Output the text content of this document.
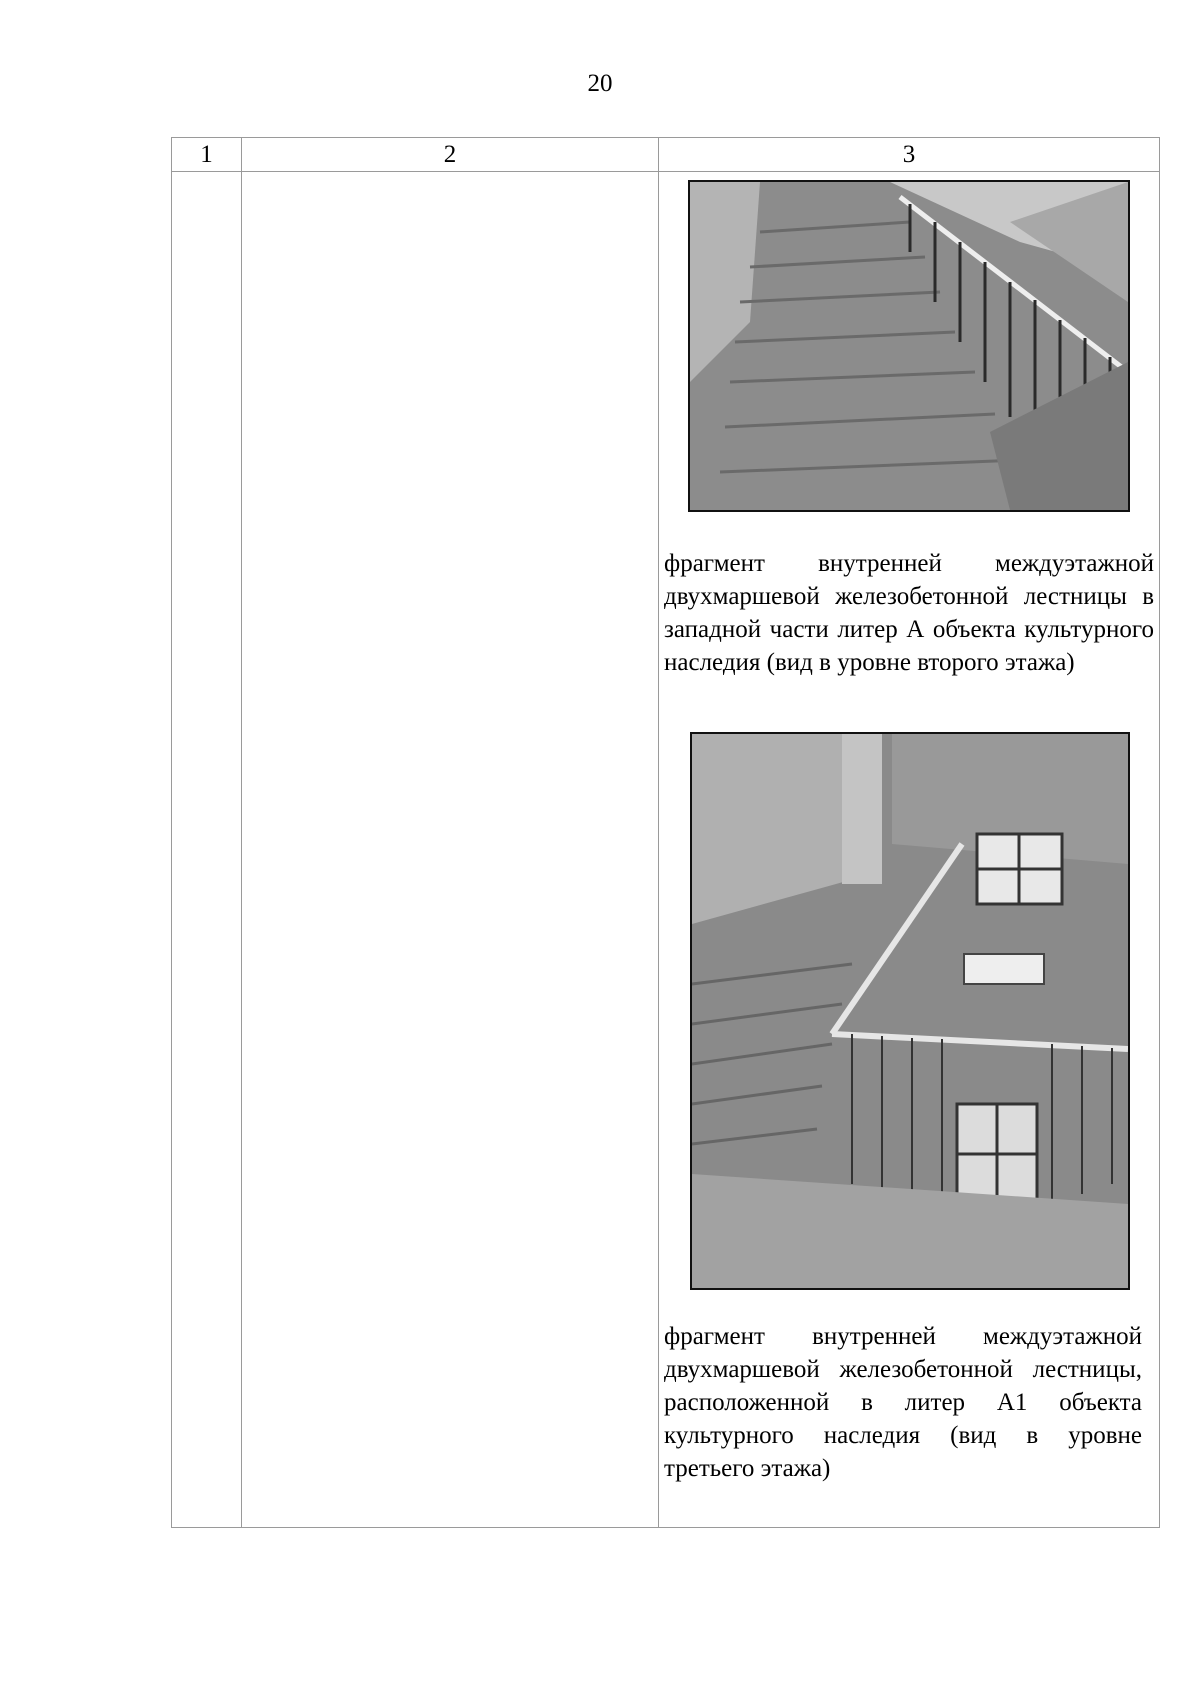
20
1	2	3

		фрагмент внутренней междуэтажной двухмаршевой железобетонной лестницы в западной части литер А объекта культурного наследия (вид в уровне второго этажа)
фрагмент внутренней междуэтажной двухмаршевой железобетонной лестницы, расположенной в литер А1 объекта культурного наследия (вид в уровне третьего этажа)
